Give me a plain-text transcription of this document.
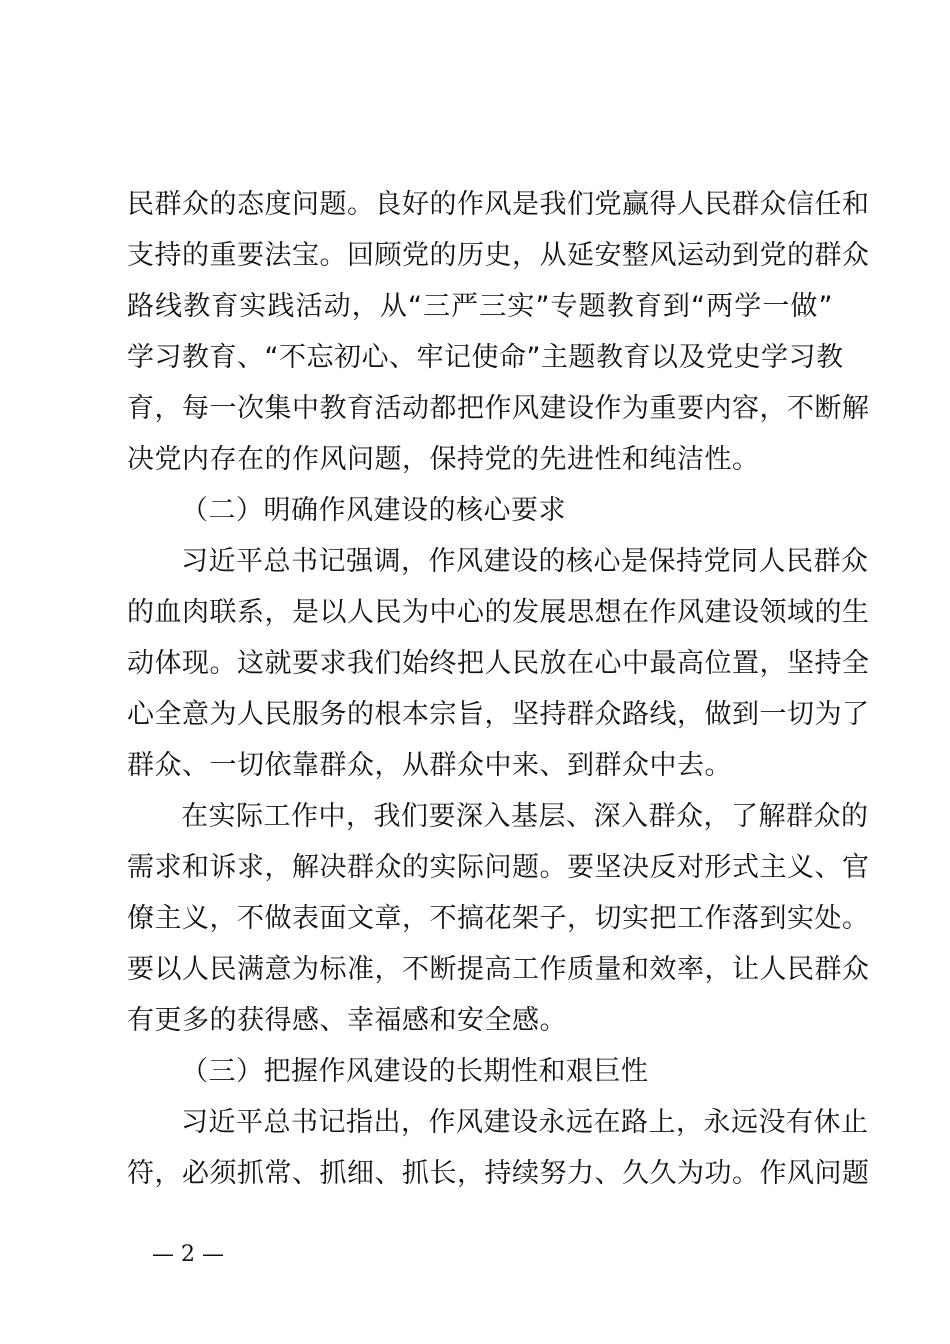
民群众的态度问题。良好的作风是我们党赢得人民群众信任和
支持的重要法宝。回顾党的历史，从延安整风运动到党的群众
路线教育实践活动，从“三严三实”专题教育到“两学一做”
学习教育、“不忘初心、牢记使命”主题教育以及党史学习教
育，每一次集中教育活动都把作风建设作为重要内容，不断解
决党内存在的作风问题，保持党的先进性和纯洁性。
（二）明确作风建设的核心要求
习近平总书记强调，作风建设的核心是保持党同人民群众
的血肉联系，是以人民为中心的发展思想在作风建设领域的生
动体现。这就要求我们始终把人民放在心中最高位置，坚持全
心全意为人民服务的根本宗旨，坚持群众路线，做到一切为了
群众、一切依靠群众，从群众中来、到群众中去。
在实际工作中，我们要深入基层、深入群众，了解群众的
需求和诉求，解决群众的实际问题。要坚决反对形式主义、官
僚主义，不做表面文章，不搞花架子，切实把工作落到实处。
要以人民满意为标准，不断提高工作质量和效率，让人民群众
有更多的获得感、幸福感和安全感。
（三）把握作风建设的长期性和艰巨性
习近平总书记指出，作风建设永远在路上，永远没有休止
符，必须抓常、抓细、抓长，持续努力、久久为功。作风问题
— 2 —
